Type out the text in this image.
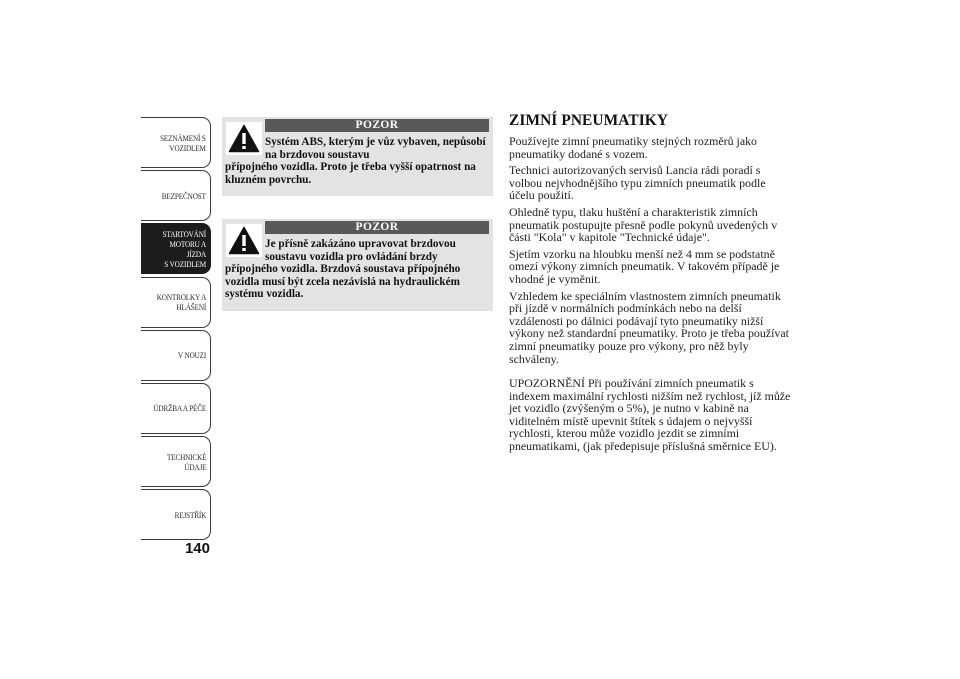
SEZNÁMENÍ S
VOZIDLEM
BEZPEČNOST
STARTOVÁNÍ
MOTORU A JÍZDA
S VOZIDLEM
KONTROLKY A
HLÁŠENÍ
V NOUZI
ÚDRŽBA A PÉČE
TECHNICKÉ
ÚDAJE
REJSTŘÍK
140
POZOR
Systém ABS, kterým je vůz vybaven, nepůsobí na brzdovou soustavu
přípojného vozidla. Proto je třeba vyšší opatrnost na kluzném povrchu.
POZOR
Je přísně zakázáno upravovat brzdovou soustavu vozidla pro ovládání brzdy
přípojného vozidla. Brzdová soustava přípojného vozidla musí být zcela nezávislá na hydraulickém systému vozidla.
ZIMNÍ PNEUMATIKY

Používejte zimní pneumatiky stejných rozměrů jako pneumatiky dodané s vozem.

Technici autorizovaných servisů Lancia rádi poradí s volbou nejvhodnějšího typu zimních pneumatik podle účelu použití.

Ohledně typu, tlaku huštění a charakteristik zimních pneumatik postupujte přesně podle pokynů uvedených v části "Kola" v kapitole "Technické údaje".

Sjetím vzorku na hloubku menší než 4 mm se podstatně omezí výkony zimních pneumatik. V takovém případě je vhodné je vyměnit.

Vzhledem ke speciálním vlastnostem zimních pneumatik při jízdě v normálních podmínkách nebo na delší vzdálenosti po dálnici podávají tyto pneumatiky nižší výkony než standardní pneumatiky. Proto je třeba používat zimní pneumatiky pouze pro výkony, pro něž byly schváleny.

UPOZORNĚNÍ Při používání zimních pneumatik s indexem maximální rychlosti nižším než rychlost, jíž může jet vozidlo (zvýšeným o 5%), je nutno v kabině na viditelném místě upevnit štítek s údajem o nejvyšší rychlosti, kterou může vozidlo jezdit se zimními pneumatikami, (jak předepisuje příslušná směrnice EU).
